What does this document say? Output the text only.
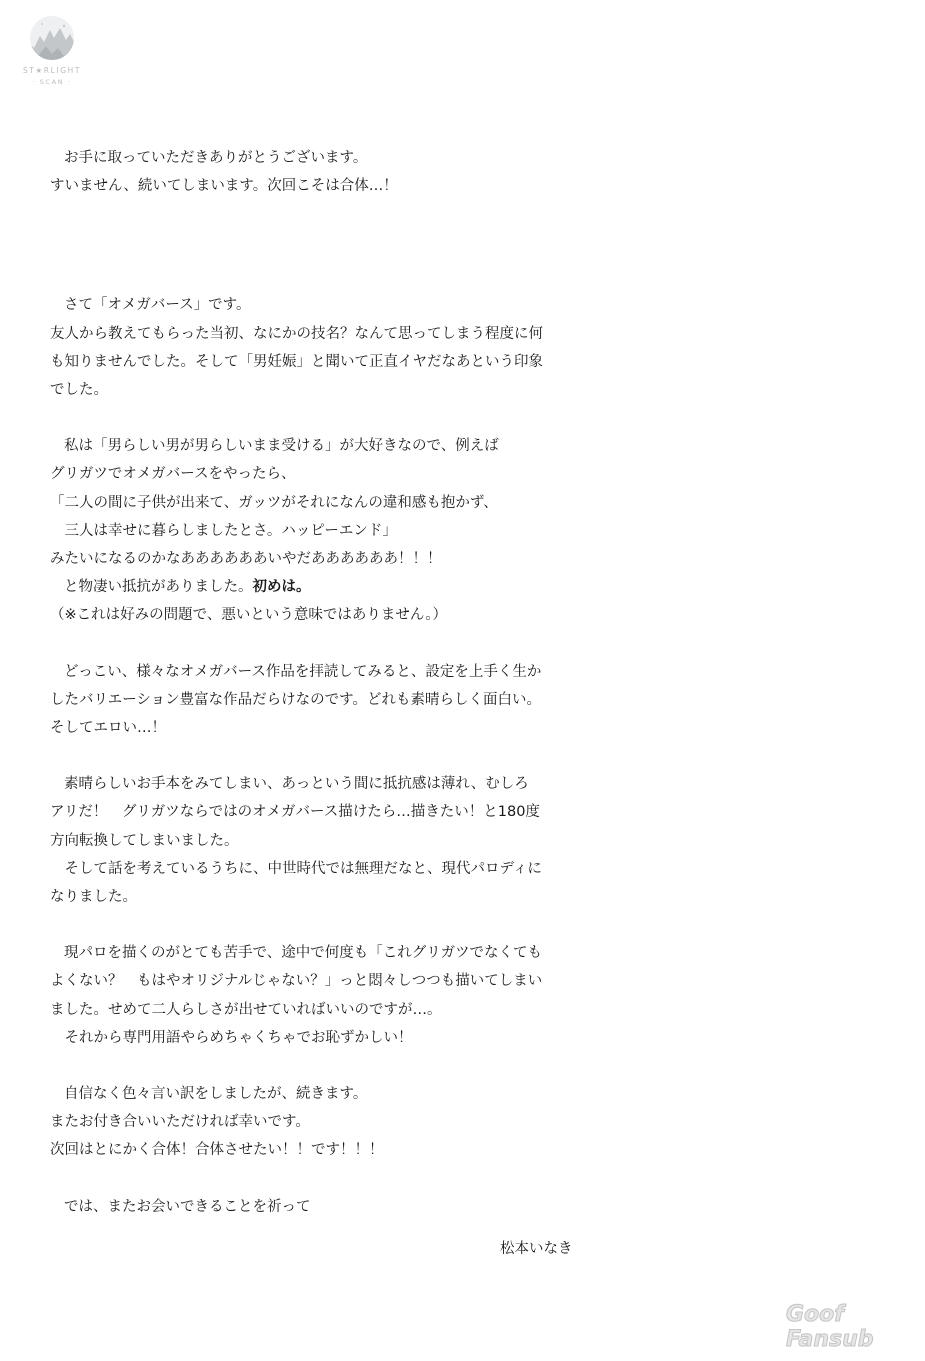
ST★RLIGHT
· SCAN ·

お手に取っていただきありがとうございます。

すいません、続いてしまいます。次回こそは合体…！

さて「オメガバース」です。

友人から教えてもらった当初、なにかの技名？なんて思ってしまう程度に何

も知りませんでした。そして「男妊娠」と聞いて正直イヤだなあという印象

でした。

私は「男らしい男が男らしいまま受ける」が大好きなので、例えば

グリガツでオメガバースをやったら、

「二人の間に子供が出来て、ガッツがそれになんの違和感も抱かず、

　三人は幸せに暮らしましたとさ。ハッピーエンド」

みたいになるのかなああああああいやだああああああ！！！

と物凄い抵抗がありました。初めは。

（※これは好みの問題で、悪いという意味ではありません。）

どっこい、様々なオメガバース作品を拝読してみると、設定を上手く生か

したバリエーション豊富な作品だらけなのです。どれも素晴らしく面白い。

そしてエロい…！

素晴らしいお手本をみてしまい、あっという間に抵抗感は薄れ、むしろ

アリだ！　グリガツならではのオメガバース描けたら…描きたい！と180度

方向転換してしまいました。

　そして話を考えているうちに、中世時代では無理だなと、現代パロディに

なりました。

現パロを描くのがとても苦手で、途中で何度も「これグリガツでなくても

よくない？　もはやオリジナルじゃない？」っと悶々しつつも描いてしまい

ました。せめて二人らしさが出せていればいいのですが…。

　それから専門用語やらめちゃくちゃでお恥ずかしい！

自信なく色々言い訳をしましたが、続きます。

またお付き合いいただければ幸いです。

次回はとにかく合体！合体させたい！！です！！！

では、またお会いできることを祈って

松本いなき
Goof Fansub
